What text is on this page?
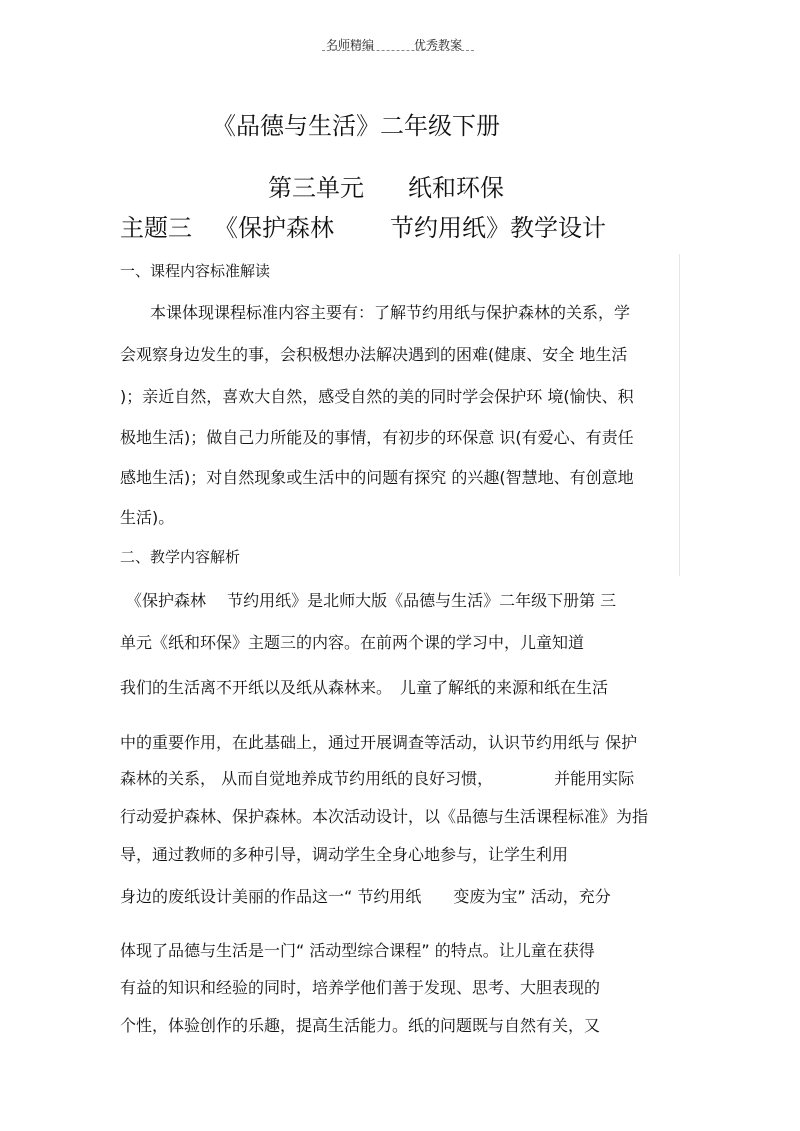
名师精编	优秀教案
《品德与生活》二年级下册
第三单元 纸和环保
主题三 《保护森林 节约用纸》教学设计
一、课程内容标准解读
本课体现课程标准内容主要有：了解节约用纸与保护森林的关系，学
会观察身边发生的事，会积极想办法解决遇到的困难(健康、安全 地生活
)；亲近自然，喜欢大自然，感受自然的美的同时学会保护环 境(愉快、积
极地生活)；做自己力所能及的事情，有初步的环保意 识(有爱心、有责任
感地生活)；对自然现象或生活中的问题有探究 的兴趣(智慧地、有创意地
生活)。
二、教学内容解析
《保护森林　 节约用纸》是北师大版《品德与生活》二年级下册第 三
单元《纸和环保》主题三的内容。在前两个课的学习中，儿童知道
我们的生活离不开纸以及纸从森林来。　儿童了解纸的来源和纸在生活
中的重要作用，在此基础上，通过开展调查等活动，认识节约用纸与 保护
森林的关系， 从而自觉地养成节约用纸的良好习惯，　　　　 并能用实际
行动爱护森林、保护森林。本次活动设计，以《品德与生活课程标准》为指
导，通过教师的多种引导，调动学生全身心地参与，让学生利用
身边的废纸设计美丽的作品这一“ 节约用纸　　变废为宝” 活动，充分
体现了品德与生活是一门“ 活动型综合课程” 的特点。让儿童在获得
有益的知识和经验的同时，培养学他们善于发现、思考、大胆表现的
个性，体验创作的乐趣，提高生活能力。纸的问题既与自然有关，又
